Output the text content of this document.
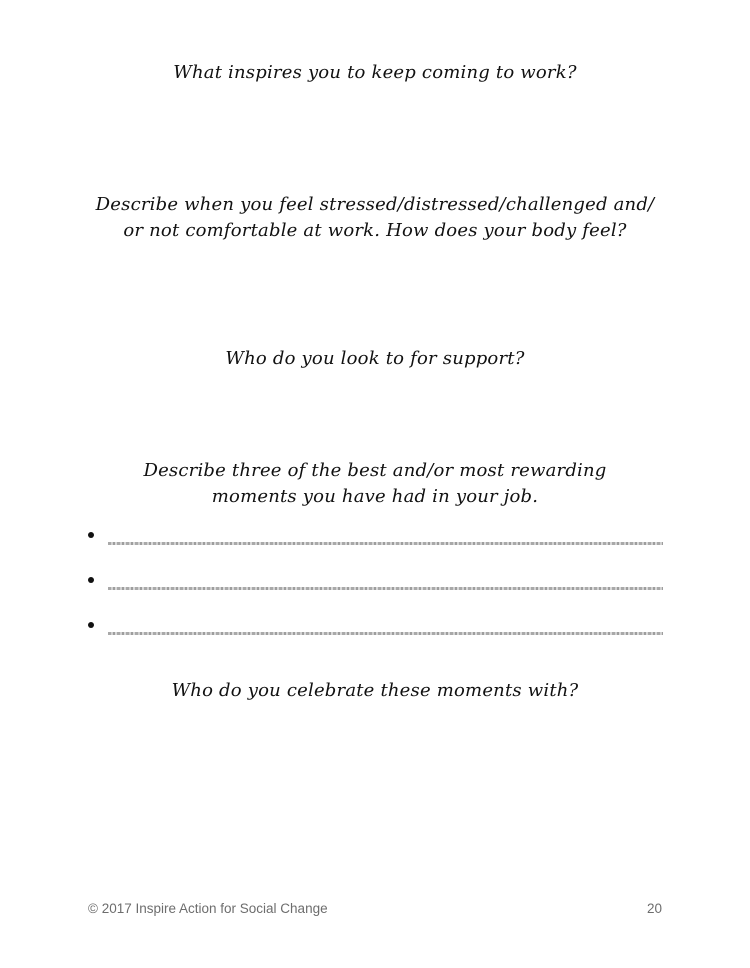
What inspires you to keep coming to work?
Describe when you feel stressed/distressed/challenged and/
or not comfortable at work. How does your body feel?
Who do you look to for support?
Describe three of the best and/or most rewarding
moments you have had in your job.
Who do you celebrate these moments with?
© 2017 Inspire Action for Social Change	20
